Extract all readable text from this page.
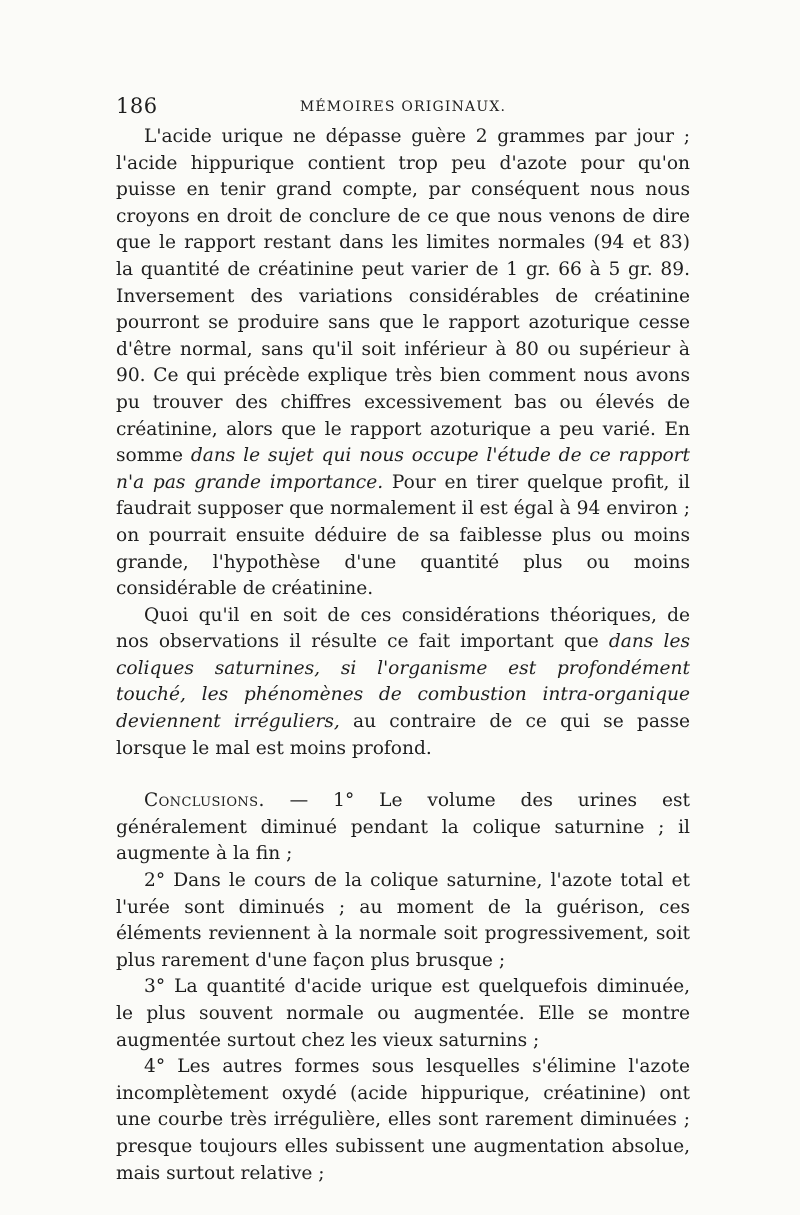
186	MÉMOIRES ORIGINAUX.

L'acide urique ne dépasse guère 2 grammes par jour ; l'acide hippurique contient trop peu d'azote pour qu'on puisse en tenir grand compte, par conséquent nous nous croyons en droit de conclure de ce que nous venons de dire que le rapport restant dans les limites normales (94 et 83) la quantité de créatinine peut varier de 1 gr. 66 à 5 gr. 89. Inversement des variations considérables de créatinine pourront se produire sans que le rapport azoturique cesse d'être normal, sans qu'il soit inférieur à 80 ou supérieur à 90. Ce qui précède explique très bien comment nous avons pu trouver des chiffres excessivement bas ou élevés de créatinine, alors que le rapport azoturique a peu varié. En somme dans le sujet qui nous occupe l'étude de ce rapport n'a pas grande importance. Pour en tirer quelque profit, il faudrait supposer que normalement il est égal à 94 environ ; on pourrait ensuite déduire de sa faiblesse plus ou moins grande, l'hypothèse d'une quantité plus ou moins considérable de créatinine.

Quoi qu'il en soit de ces considérations théoriques, de nos observations il résulte ce fait important que dans les coliques saturnines, si l'organisme est profondément touché, les phénomènes de combustion intra-organique deviennent irréguliers, au contraire de ce qui se passe lorsque le mal est moins profond.

Conclusions. — 1° Le volume des urines est généralement diminué pendant la colique saturnine ; il augmente à la fin ;

2° Dans le cours de la colique saturnine, l'azote total et l'urée sont diminués ; au moment de la guérison, ces éléments reviennent à la normale soit progressivement, soit plus rarement d'une façon plus brusque ;

3° La quantité d'acide urique est quelquefois diminuée, le plus souvent normale ou augmentée. Elle se montre augmentée surtout chez les vieux saturnins ;

4° Les autres formes sous lesquelles s'élimine l'azote incomplètement oxydé (acide hippurique, créatinine) ont une courbe très irrégulière, elles sont rarement diminuées ; presque toujours elles subissent une augmentation absolue, mais surtout relative ;
